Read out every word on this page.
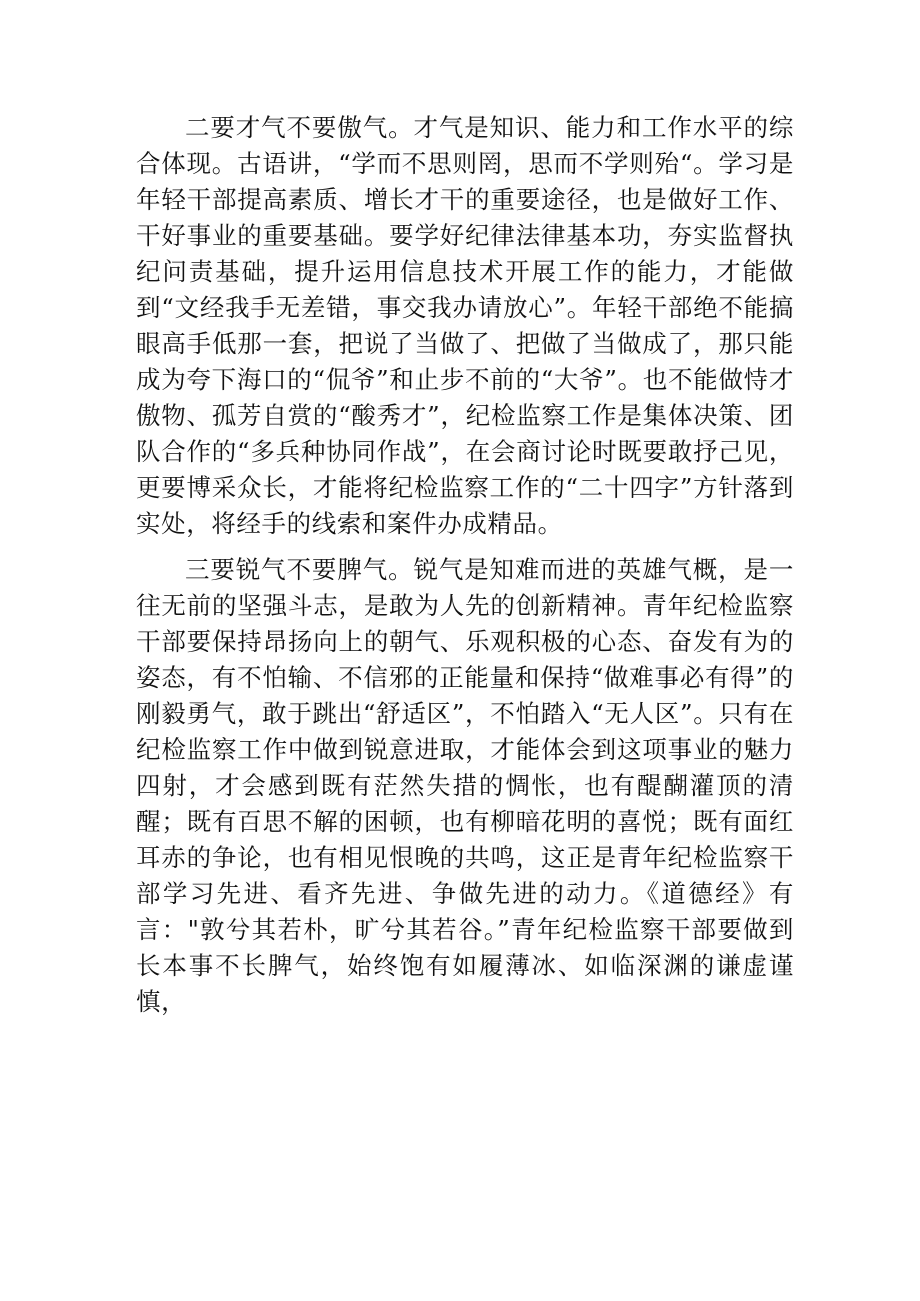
二要才气不要傲气。才气是知识、能力和工作水平的综合体现。古语讲，“学而不思则罔，思而不学则殆“。学习是年轻干部提高素质、增长才干的重要途径，也是做好工作、干好事业的重要基础。要学好纪律法律基本功，夯实监督执纪问责基础，提升运用信息技术开展工作的能力，才能做到“文经我手无差错，事交我办请放心”。年轻干部绝不能搞眼高手低那一套，把说了当做了、把做了当做成了，那只能成为夸下海口的“侃爷”和止步不前的“大爷”。也不能做恃才傲物、孤芳自赏的“酸秀才”，纪检监察工作是集体决策、团队合作的“多兵种协同作战”，在会商讨论时既要敢抒己见，更要博采众长，才能将纪检监察工作的“二十四字”方针落到实处，将经手的线索和案件办成精品。

三要锐气不要脾气。锐气是知难而进的英雄气概，是一往无前的坚强斗志，是敢为人先的创新精神。青年纪检监察干部要保持昂扬向上的朝气、乐观积极的心态、奋发有为的姿态，有不怕输、不信邪的正能量和保持“做难事必有得”的刚毅勇气，敢于跳出“舒适区”，不怕踏入“无人区”。只有在纪检监察工作中做到锐意进取，才能体会到这项事业的魅力四射，才会感到既有茫然失措的惆怅，也有醍醐灌顶的清醒；既有百思不解的困顿，也有柳暗花明的喜悦；既有面红耳赤的争论，也有相见恨晚的共鸣，这正是青年纪检监察干部学习先进、看齐先进、争做先进的动力。《道德经》有言："敦兮其若朴，旷兮其若谷。”青年纪检监察干部要做到长本事不长脾气，始终饱有如履薄冰、如临深渊的谦虚谨慎，
